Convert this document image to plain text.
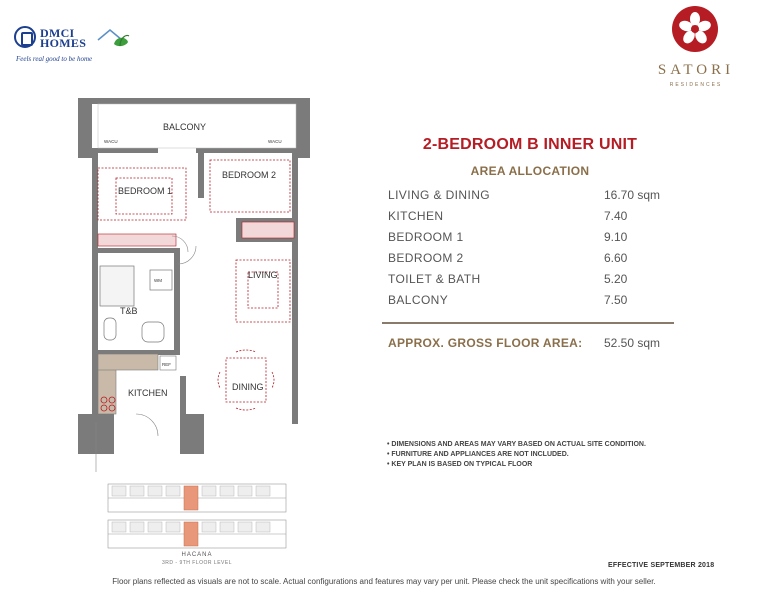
DMCI
HOMES
Feels real good to be home
SATORI
RESIDENCES
BALCONY
WACU	WACU
BEDROOM 1
BEDROOM 2
LIVING
T&B
WM
REF
KITCHEN
DINING
HACANA
3RD - 9TH FLOOR LEVEL
2-BEDROOM B INNER UNIT
AREA ALLOCATION
LIVING & DINING	16.70 sqm
KITCHEN	7.40
BEDROOM 1	9.10
BEDROOM 2	6.60
TOILET & BATH	5.20
BALCONY	7.50
APPROX. GROSS FLOOR AREA: 52.50 sqm
• DIMENSIONS AND AREAS MAY VARY BASED ON ACTUAL SITE CONDITION.
• FURNITURE AND APPLIANCES ARE NOT INCLUDED.
• KEY PLAN IS BASED ON TYPICAL FLOOR
EFFECTIVE SEPTEMBER 2018
Floor plans reflected as visuals are not to scale. Actual configurations and features may vary per unit. Please check the unit specifications with your seller.
